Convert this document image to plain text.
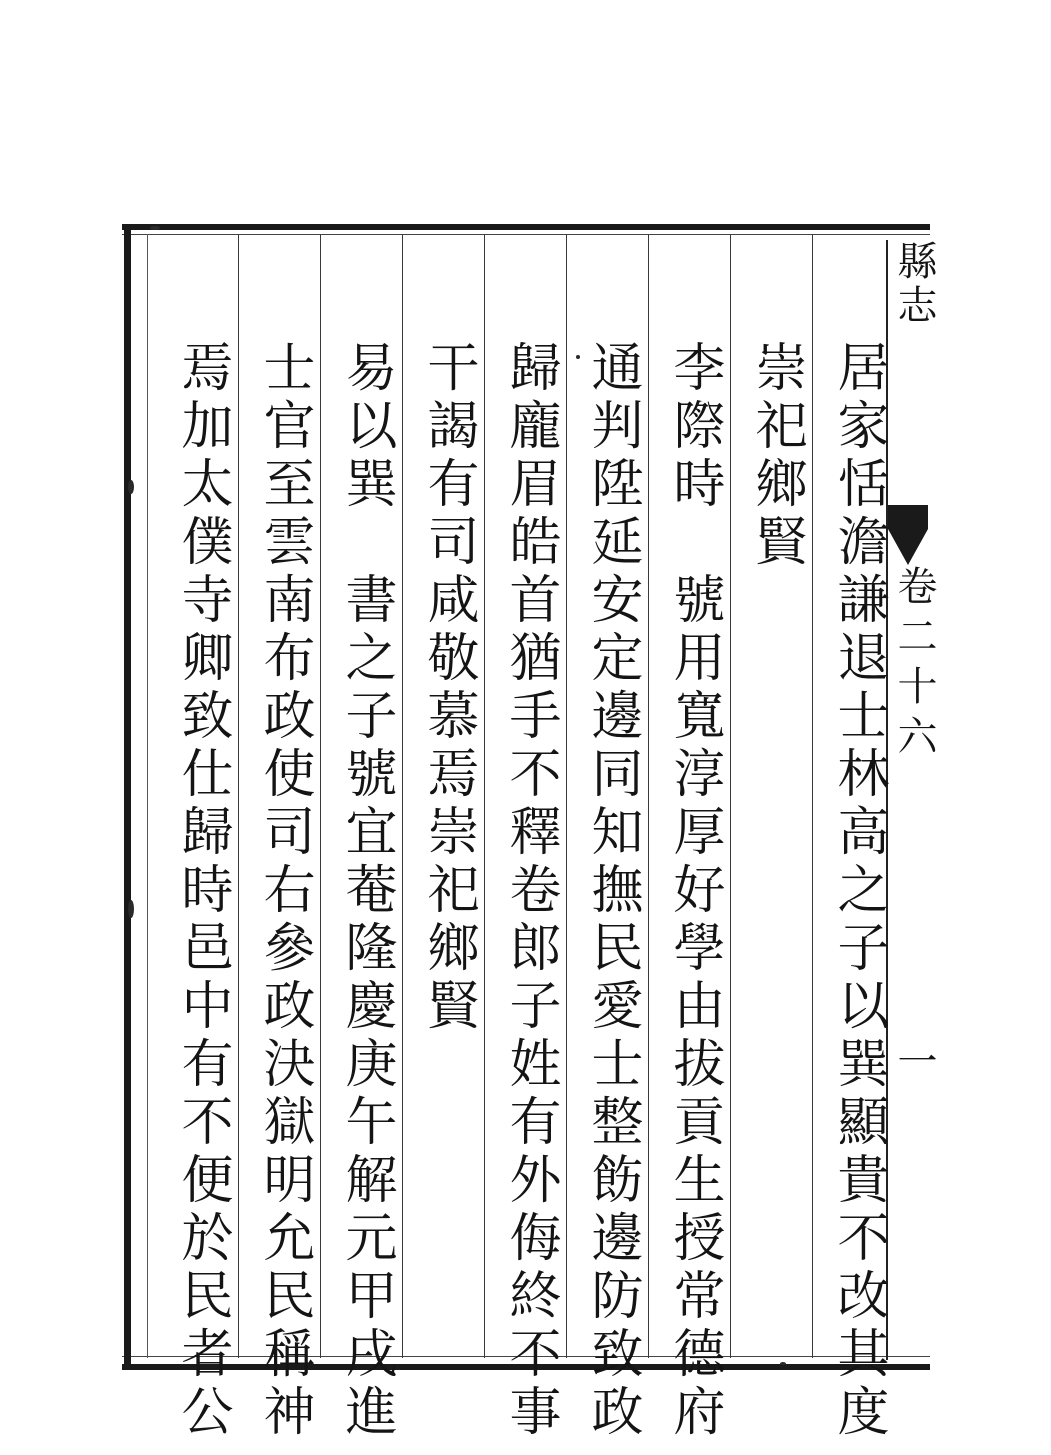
縣志
卷二十六
一
居家恬澹謙退士林高之子以巽顯貴不改其度
崇祀鄉賢
李際時　號用寬淳厚好學由拔貢生授常德府
通判陞延安定邊同知撫民愛士整飭邊防致政
歸龐眉皓首猶手不釋卷郎子姓有外侮終不事
干謁有司咸敬慕焉崇祀鄉賢
易以巽　書之子號宜菴隆慶庚午解元甲戌進
士官至雲南布政使司右參政決獄明允民稱神
焉加太僕寺卿致仕歸時邑中有不便於民者公
